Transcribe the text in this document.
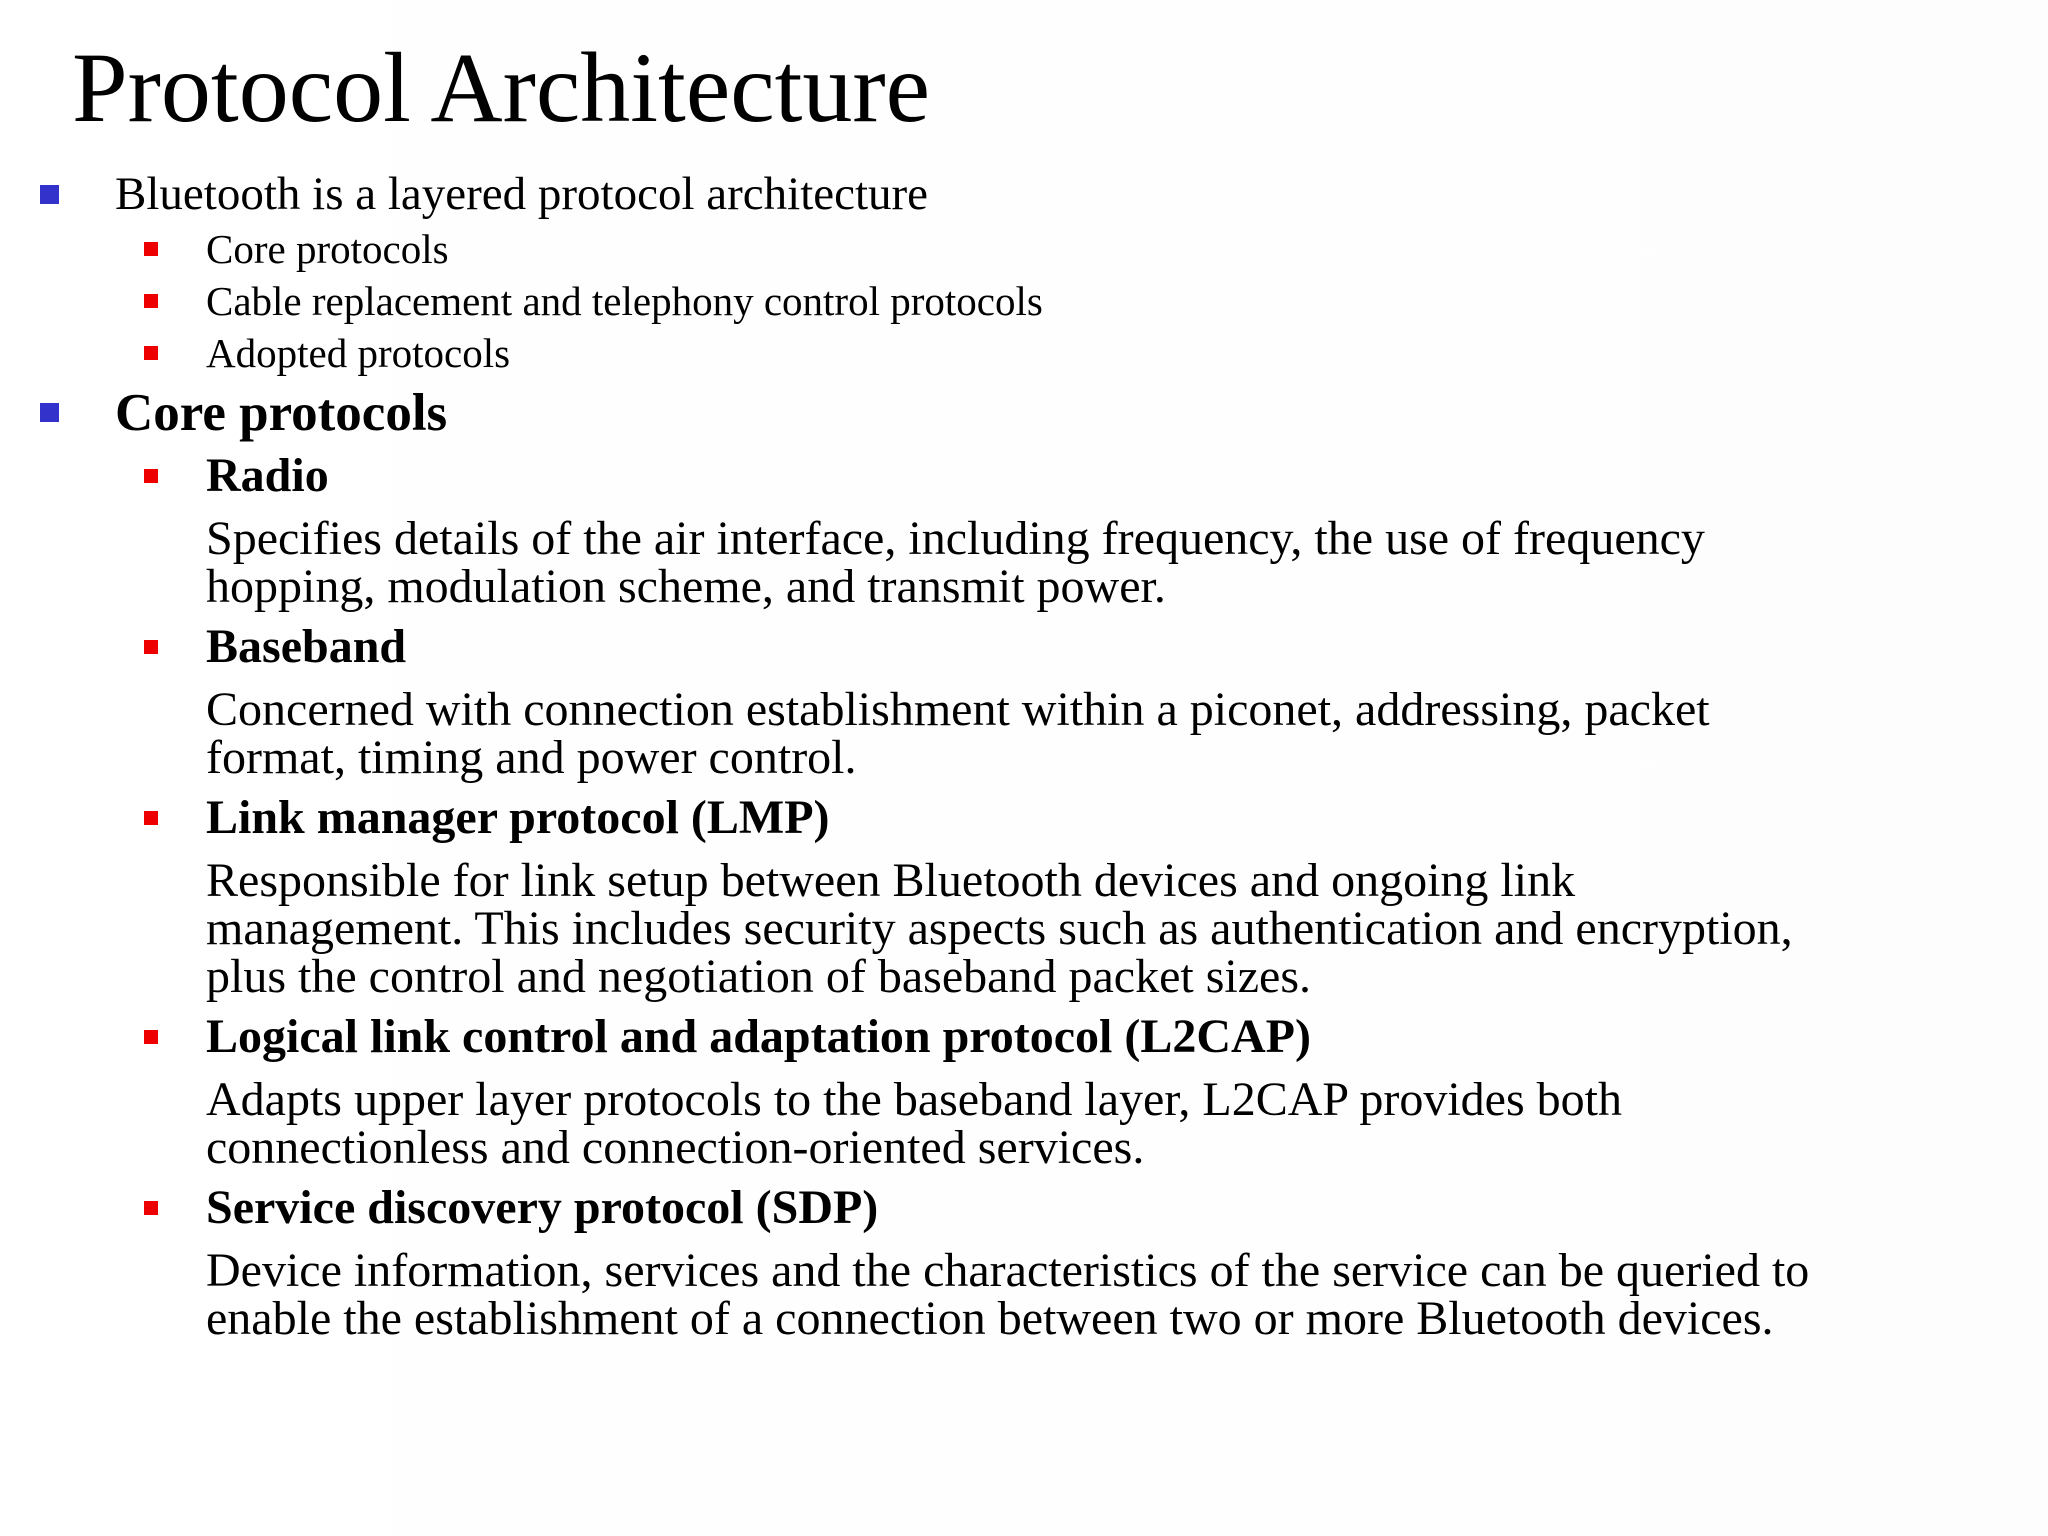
Protocol Architecture
Bluetooth is a layered protocol architecture
Core protocols
Cable replacement and telephony control protocols
Adopted protocols
Core protocols
Radio
Specifies details of the air interface, including frequency, the use of frequency
hopping, modulation scheme, and transmit power.
Baseband
Concerned with connection establishment within a piconet, addressing, packet
format, timing and power control.
Link manager protocol (LMP)
Responsible for link setup between Bluetooth devices and ongoing link
management. This includes security aspects such as authentication and encryption,
plus the control and negotiation of baseband packet sizes.
Logical link control and adaptation protocol (L2CAP)
Adapts upper layer protocols to the baseband layer, L2CAP provides both
connectionless and connection-oriented services.
Service discovery protocol (SDP)
Device information, services and the characteristics of the service can be queried to
enable the establishment of a connection between two or more Bluetooth devices.
